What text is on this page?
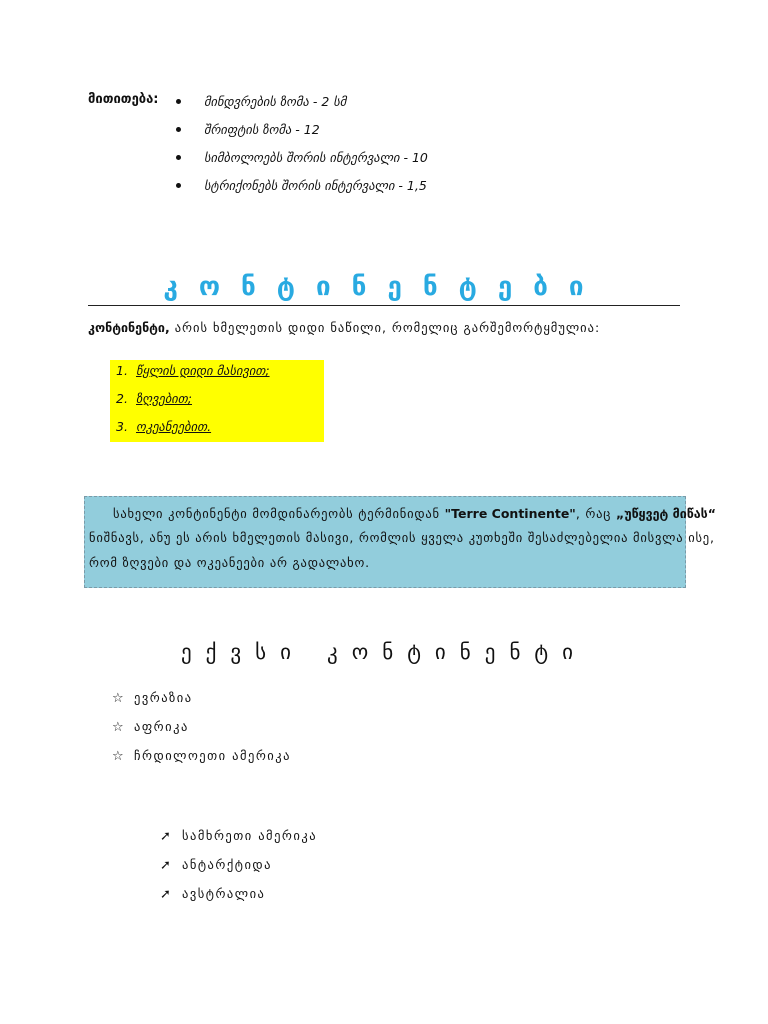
მითითება:	მინდვრების ზომა - 2 სმ
შრიფტის ზომა - 12
სიმბოლოებს შორის ინტერვალი - 10
სტრიქონებს შორის ინტერვალი - 1,5
კონტინენტები
კონტინენტი, არის ხმელეთის დიდი ნაწილი, რომელიც გარშემორტყმულია:
1. წყლის დიდი მასივით;
2. ზღვებით;
3. ოკეანეებით.

სახელი კონტინენტი მომდინარეობს ტერმინიდან "Terre Continente", რაც „უწყვეტ მიწას“

ნიშნავს, ანუ ეს არის ხმელეთის მასივი, რომლის ყველა კუთხეში შესაძლებელია მისვლა ისე,

რომ ზღვები და ოკეანეები არ გადალახო.

ექვსი კონტინენტი
☆ ევრაზია
☆ აფრიკა
☆ ჩრდილოეთი ამერიკა
➚ სამხრეთი ამერიკა
➚ ანტარქტიდა
➚ ავსტრალია
